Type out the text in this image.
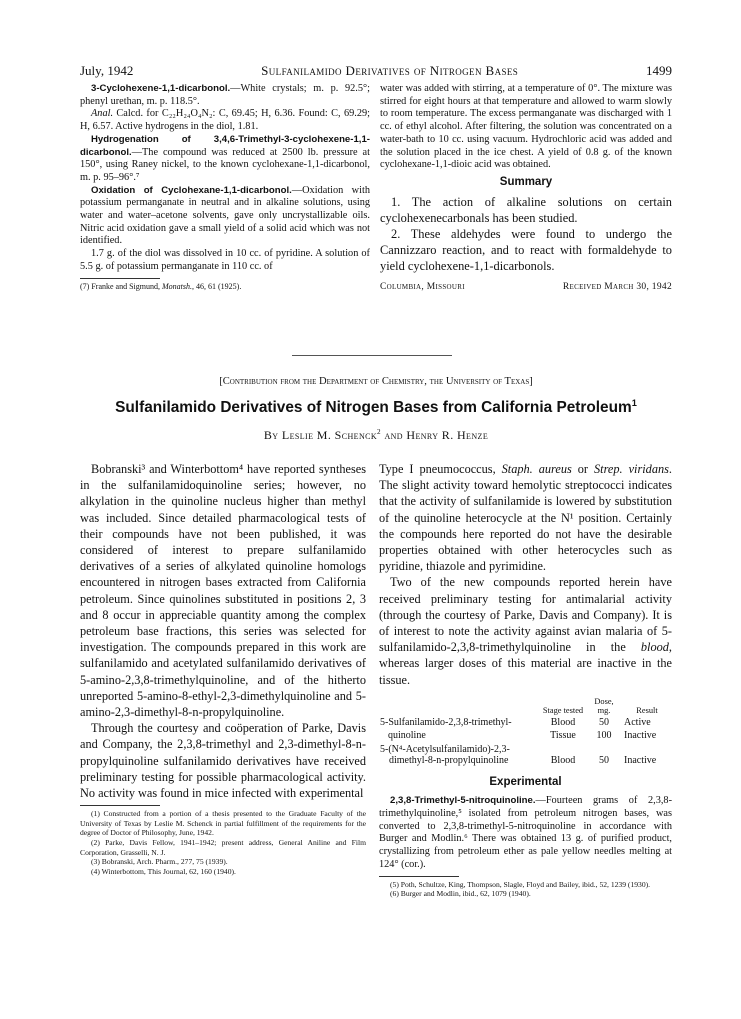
July, 1942	Sulfanilamido Derivatives of Nitrogen Bases	1499

3-Cyclohexene-1,1-dicarbonol.—White crystals; m. p. 92.5°; phenyl urethan, m. p. 118.5°.

Anal. Calcd. for C₂₂H₂₄O₄N₂: C, 69.45; H, 6.36. Found: C, 69.29; H, 6.57. Active hydrogens in the diol, 1.81.

Hydrogenation of 3,4,6-Trimethyl-3-cyclohexene-1,1-dicarbonol.—The compound was reduced at 2500 lb. pressure at 150°, using Raney nickel, to the known cyclohexane-1,1-dicarbonol, m. p. 95–96°.⁷

Oxidation of Cyclohexane-1,1-dicarbonol.—Oxidation with potassium permanganate in neutral and in alkaline solutions, using water and water–acetone solvents, gave only uncrystallizable oils. Nitric acid oxidation gave a small yield of a solid acid which was not identified.

1.7 g. of the diol was dissolved in 10 cc. of pyridine. A solution of 5.5 g. of potassium permanganate in 110 cc. of

(7) Franke and Sigmund, Monatsh., 46, 61 (1925).

water was added with stirring, at a temperature of 0°. The mixture was stirred for eight hours at that temperature and allowed to warm slowly to room temperature. The excess permanganate was discharged with 1 cc. of ethyl alcohol. After filtering, the solution was concentrated on a water-bath to 10 cc. using vacuum. Hydrochloric acid was added and the solution placed in the ice chest. A yield of 0.8 g. of the known cyclohexane-1,1-dioic acid was obtained.

Summary

1. The action of alkaline solutions on certain cyclohexenecarbonals has been studied.

2. These aldehydes were found to undergo the Cannizzaro reaction, and to react with formaldehyde to yield cyclohexene-1,1-dicarbonols.

Columbia, Missouri	Received March 30, 1942

[Contribution from the Department of Chemistry, the University of Texas]
Sulfanilamido Derivatives of Nitrogen Bases from California Petroleum$^1$
By Leslie M. Schenck$^2$ and Henry R. Henze

Bobranski³ and Winterbottom⁴ have reported syntheses in the sulfanilamidoquinoline series; however, no alkylation in the quinoline nucleus higher than methyl was included. Since detailed pharmacological tests of their compounds have not been published, it was considered of interest to prepare sulfanilamido derivatives of a series of alkylated quinoline homologs encountered in nitrogen bases extracted from California petroleum. Since quinolines substituted in positions 2, 3 and 8 occur in appreciable quantity among the complex petroleum base fractions, this series was selected for investigation. The compounds prepared in this work are sulfanilamido and acetylated sulfanilamido derivatives of 5-amino-2,3,8-trimethylquinoline, and of the hitherto unreported 5-amino-8-ethyl-2,3-dimethylquinoline and 5-amino-2,3-dimethyl-8-n-propylquinoline.

Through the courtesy and coöperation of Parke, Davis and Company, the 2,3,8-trimethyl and 2,3-dimethyl-8-n-propylquinoline sulfanilamido derivatives have received preliminary testing for possible pharmacological activity. No activity was found in mice infected with experimental

(1) Constructed from a portion of a thesis presented to the Graduate Faculty of the University of Texas by Leslie M. Schenck in partial fulfillment of the requirements for the degree of Doctor of Philosophy, June, 1942.

(2) Parke, Davis Fellow, 1941–1942; present address, General Aniline and Film Corporation, Grasselli, N. J.

(3) Bobranski, Arch. Pharm., 277, 75 (1939).

(4) Winterbottom, This Journal, 62, 160 (1940).

Type I pneumococcus, Staph. aureus or Strep. viridans. The slight activity toward hemolytic streptococci indicates that the activity of sulfanilamide is lowered by substitution of the quinoline heterocycle at the N¹ position. Certainly the compounds here reported do not have the desirable properties obtained with other heterocycles such as pyridine, thiazole and pyrimidine.

Two of the new compounds reported herein have received preliminary testing for antimalarial activity (through the courtesy of Parke, Davis and Company). It is of interest to note the activity against avian malaria of 5-sulfanilamido-2,3,8-trimethylquinoline in the blood, whereas larger doses of this material are inactive in the tissue.

	Stage tested	Dose, mg.	Result
5-Sulfanilamido-2,3,8-trimethyl-	Blood	50	Active
quinoline	Tissue	100	Inactive
5-(N⁴-Acetylsulfanilamido)-2,3-
dimethyl-8-n-propylquinoline	Blood	50	Inactive

Experimental

2,3,8-Trimethyl-5-nitroquinoline.—Fourteen grams of 2,3,8-trimethylquinoline,⁵ isolated from petroleum nitrogen bases, was converted to 2,3,8-trimethyl-5-nitroquinoline in accordance with Burger and Modlin.⁶ There was obtained 13 g. of purified product, crystallizing from petroleum ether as pale yellow needles melting at 124° (cor.).

(5) Poth, Schultze, King, Thompson, Slagle, Floyd and Bailey, ibid., 52, 1239 (1930).

(6) Burger and Modlin, ibid., 62, 1079 (1940).
